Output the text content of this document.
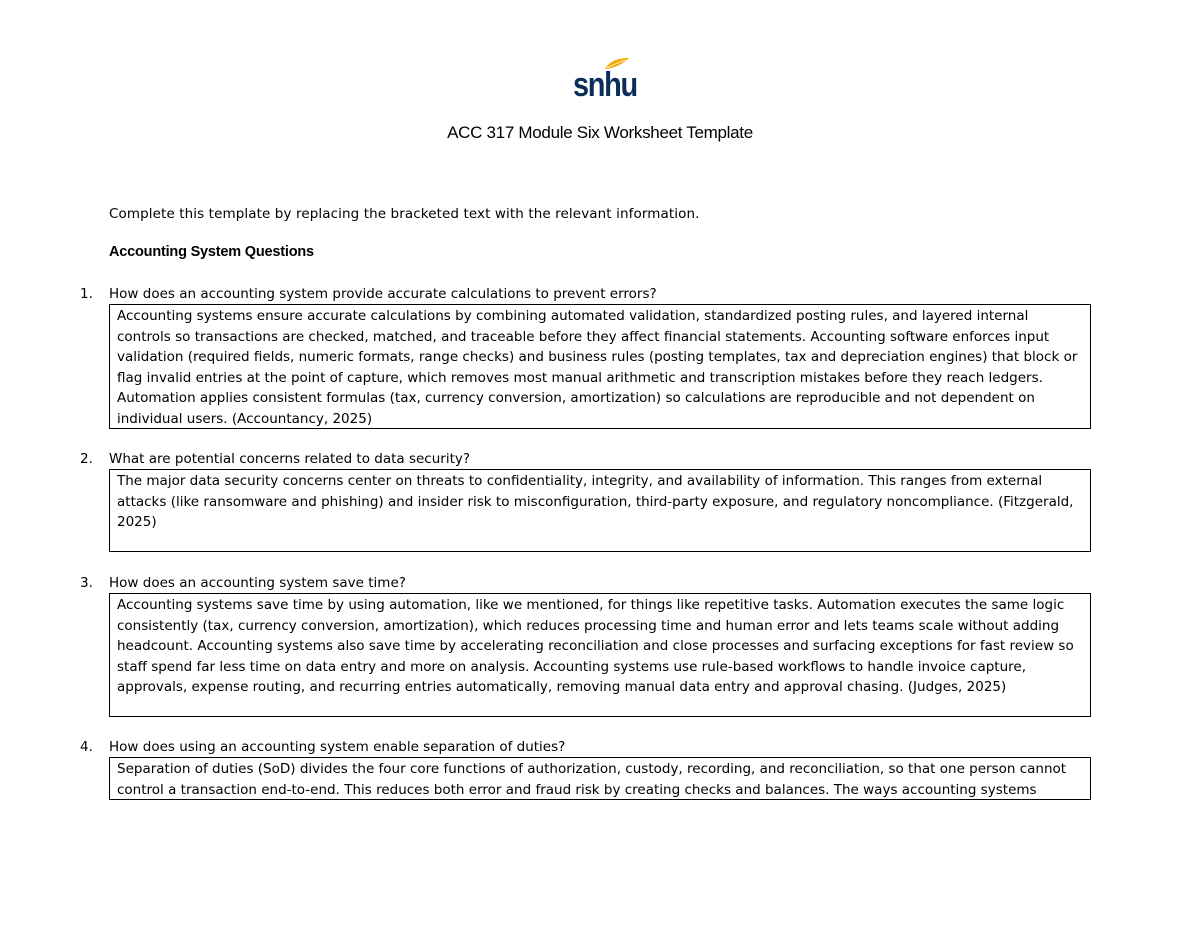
snhu
ACC 317 Module Six Worksheet Template
Complete this template by replacing the bracketed text with the relevant information.
Accounting System Questions
1. How does an accounting system provide accurate calculations to prevent errors?
Accounting systems ensure accurate calculations by combining automated validation, standardized posting rules, and layered internal controls so transactions are checked, matched, and traceable before they affect financial statements. Accounting software enforces input validation (required fields, numeric formats, range checks) and business rules (posting templates, tax and depreciation engines) that block or flag invalid entries at the point of capture, which removes most manual arithmetic and transcription mistakes before they reach ledgers. Automation applies consistent formulas (tax, currency conversion, amortization) so calculations are reproducible and not dependent on individual users. (Accountancy, 2025)
2. What are potential concerns related to data security?
The major data security concerns center on threats to confidentiality, integrity, and availability of information. This ranges from external attacks (like ransomware and phishing) and insider risk to misconfiguration, third-party exposure, and regulatory noncompliance. (Fitzgerald, 2025)
3. How does an accounting system save time?
Accounting systems save time by using automation, like we mentioned, for things like repetitive tasks. Automation executes the same logic consistently (tax, currency conversion, amortization), which reduces processing time and human error and lets teams scale without adding headcount. Accounting systems also save time by accelerating reconciliation and close processes and surfacing exceptions for fast review so staff spend far less time on data entry and more on analysis. Accounting systems use rule-based workflows to handle invoice capture, approvals, expense routing, and recurring entries automatically, removing manual data entry and approval chasing. (Judges, 2025)
4. How does using an accounting system enable separation of duties?
Separation of duties (SoD) divides the four core functions of authorization, custody, recording, and reconciliation, so that one person cannot control a transaction end-to-end. This reduces both error and fraud risk by creating checks and balances. The ways accounting systems
